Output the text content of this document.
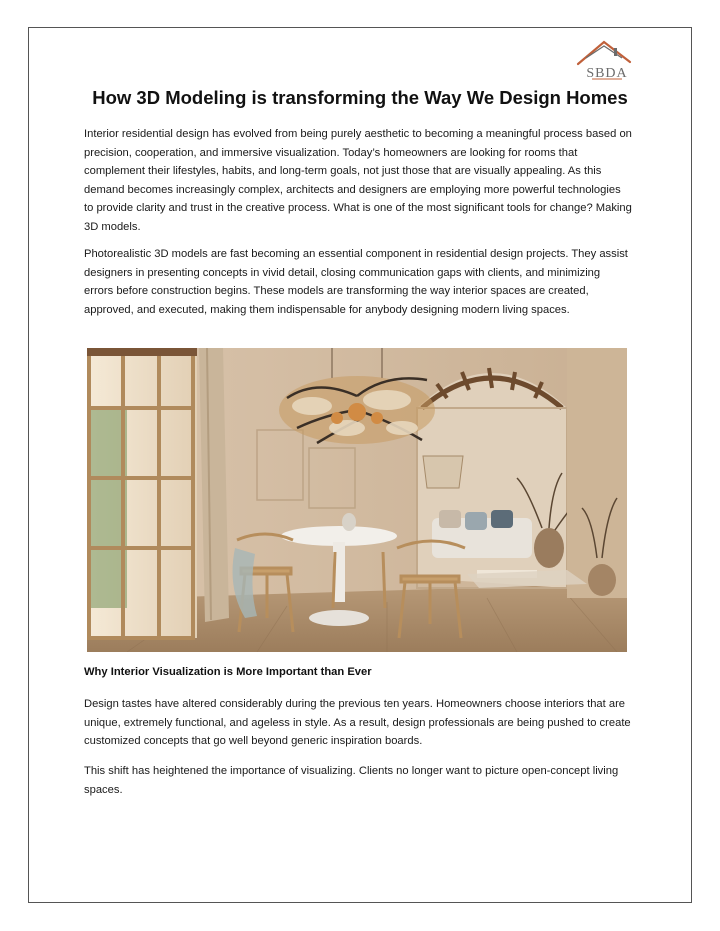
SBDA
How 3D Modeling is transforming the Way We Design Homes

Interior residential design has evolved from being purely aesthetic to becoming a meaningful process based on precision, cooperation, and immersive visualization. Today’s homeowners are looking for rooms that complement their lifestyles, habits, and long-term goals, not just those that are visually appealing. As this demand becomes increasingly complex, architects and designers are employing more powerful technologies to provide clarity and trust in the creative process. What is one of the most significant tools for change? Making 3D models.

Photorealistic 3D models are fast becoming an essential component in residential design projects. They assist designers in presenting concepts in vivid detail, closing communication gaps with clients, and minimizing errors before construction begins. These models are transforming the way interior spaces are created, approved, and executed, making them indispensable for anybody designing modern living spaces.

Why Interior Visualization is More Important than Ever

Design tastes have altered considerably during the previous ten years. Homeowners choose interiors that are unique, extremely functional, and ageless in style. As a result, design professionals are being pushed to create customized concepts that go well beyond generic inspiration boards.

This shift has heightened the importance of visualizing. Clients no longer want to picture open-concept living spaces.
